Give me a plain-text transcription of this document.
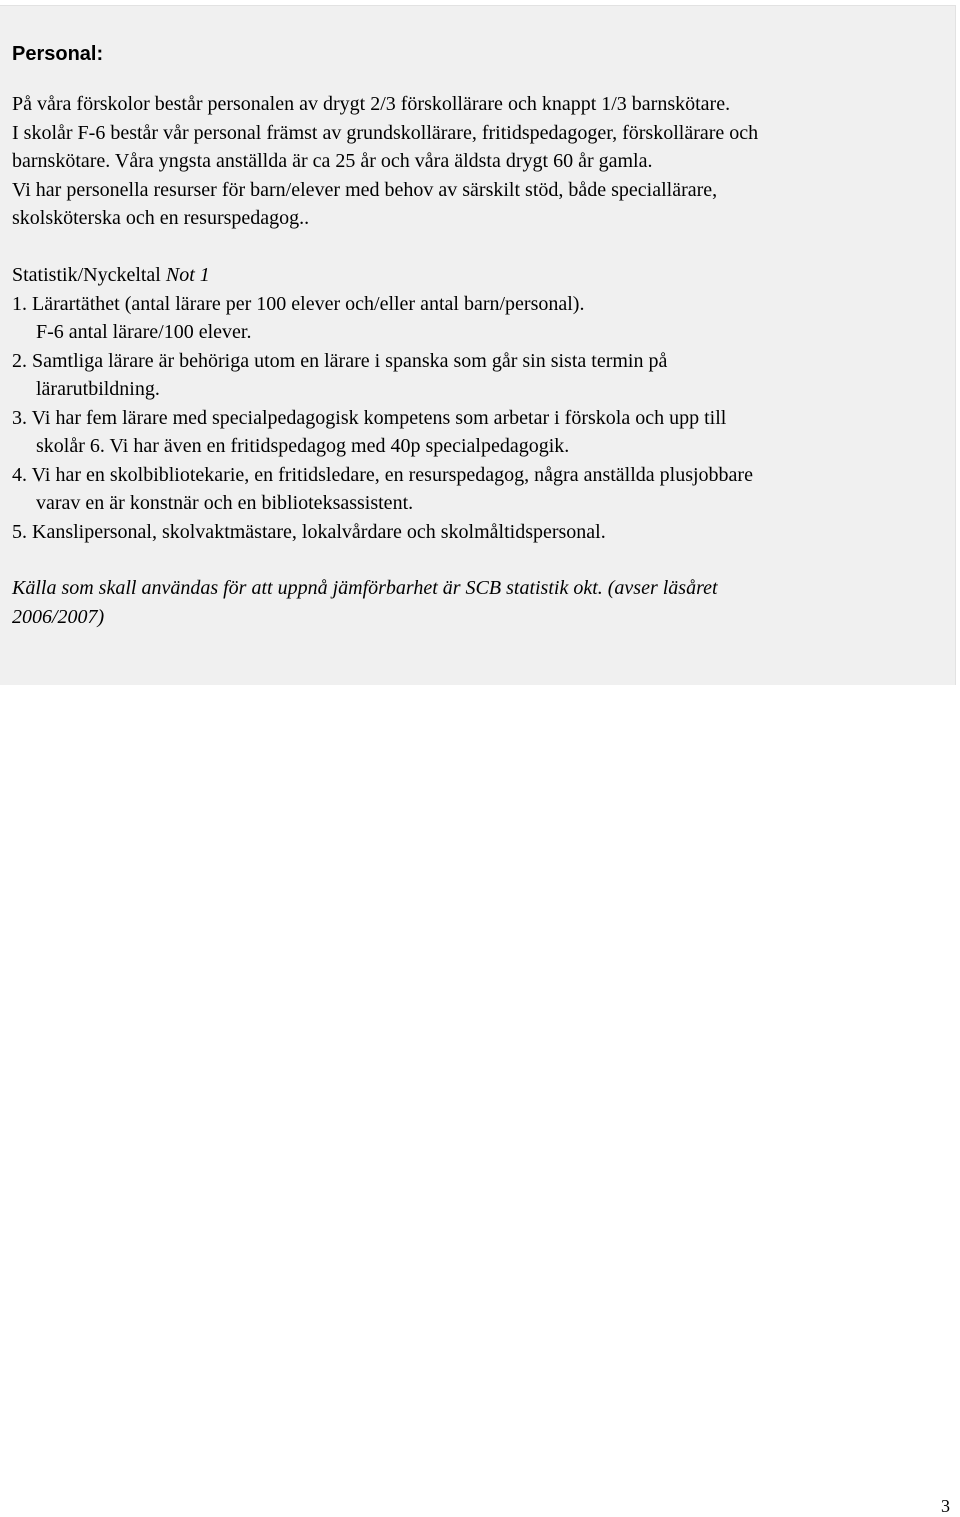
Personal:
På våra förskolor består personalen av drygt 2/3 förskollärare och knappt 1/3 barnskötare.
I skolår F-6 består vår personal främst av grundskollärare, fritidspedagoger, förskollärare och
barnskötare. Våra yngsta anställda är ca 25 år och våra äldsta drygt 60 år gamla.
Vi har personella resurser för barn/elever med behov av särskilt stöd, både speciallärare,
skolsköterska och en resurspedagog..
Statistik/Nyckeltal Not 1
1. Lärartäthet (antal lärare per 100 elever och/eller antal barn/personal).
F-6 antal lärare/100 elever.
2. Samtliga lärare är behöriga utom en lärare i spanska som går sin sista termin på
lärarutbildning.
3. Vi har fem lärare med specialpedagogisk kompetens som arbetar i förskola och upp till
skolår 6. Vi har även en fritidspedagog med 40p specialpedagogik.
4. Vi har en skolbibliotekarie, en fritidsledare, en resurspedagog, några anställda plusjobbare
varav en är konstnär och en biblioteksassistent.
5. Kanslipersonal, skolvaktmästare, lokalvårdare och skolmåltidspersonal.
Källa som skall användas för att uppnå jämförbarhet är SCB statistik okt. (avser läsåret
2006/2007)
3
